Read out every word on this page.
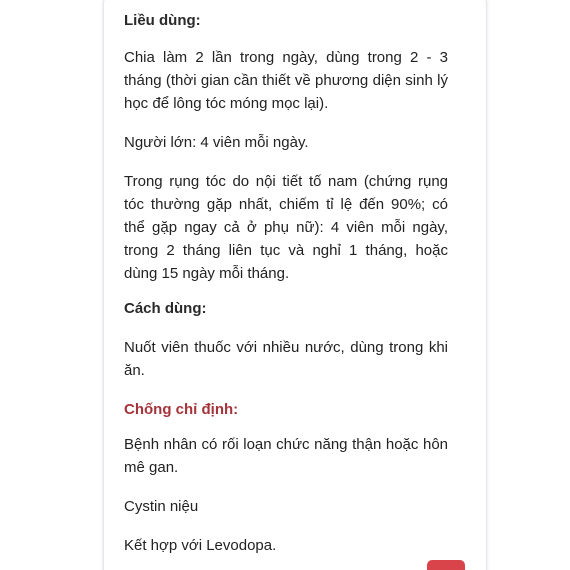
Liều dùng:

Chia làm 2 lần trong ngày, dùng trong 2 - 3 tháng (thời gian cần thiết về phương diện sinh lý học để lông tóc móng mọc lại).

Người lớn: 4 viên mỗi ngày.

Trong rụng tóc do nội tiết tố nam (chứng rụng tóc thường gặp nhất, chiếm tỉ lệ đến 90%; có thể gặp ngay cả ở phụ nữ): 4 viên mỗi ngày, trong 2 tháng liên tục và nghỉ 1 tháng, hoặc dùng 15 ngày mỗi tháng.

Cách dùng:

Nuốt viên thuốc với nhiều nước, dùng trong khi ăn.

Chống chỉ định:

Bệnh nhân có rối loạn chức năng thận hoặc hôn mê gan.

Cystin niệu

Kết hợp với Levodopa.
